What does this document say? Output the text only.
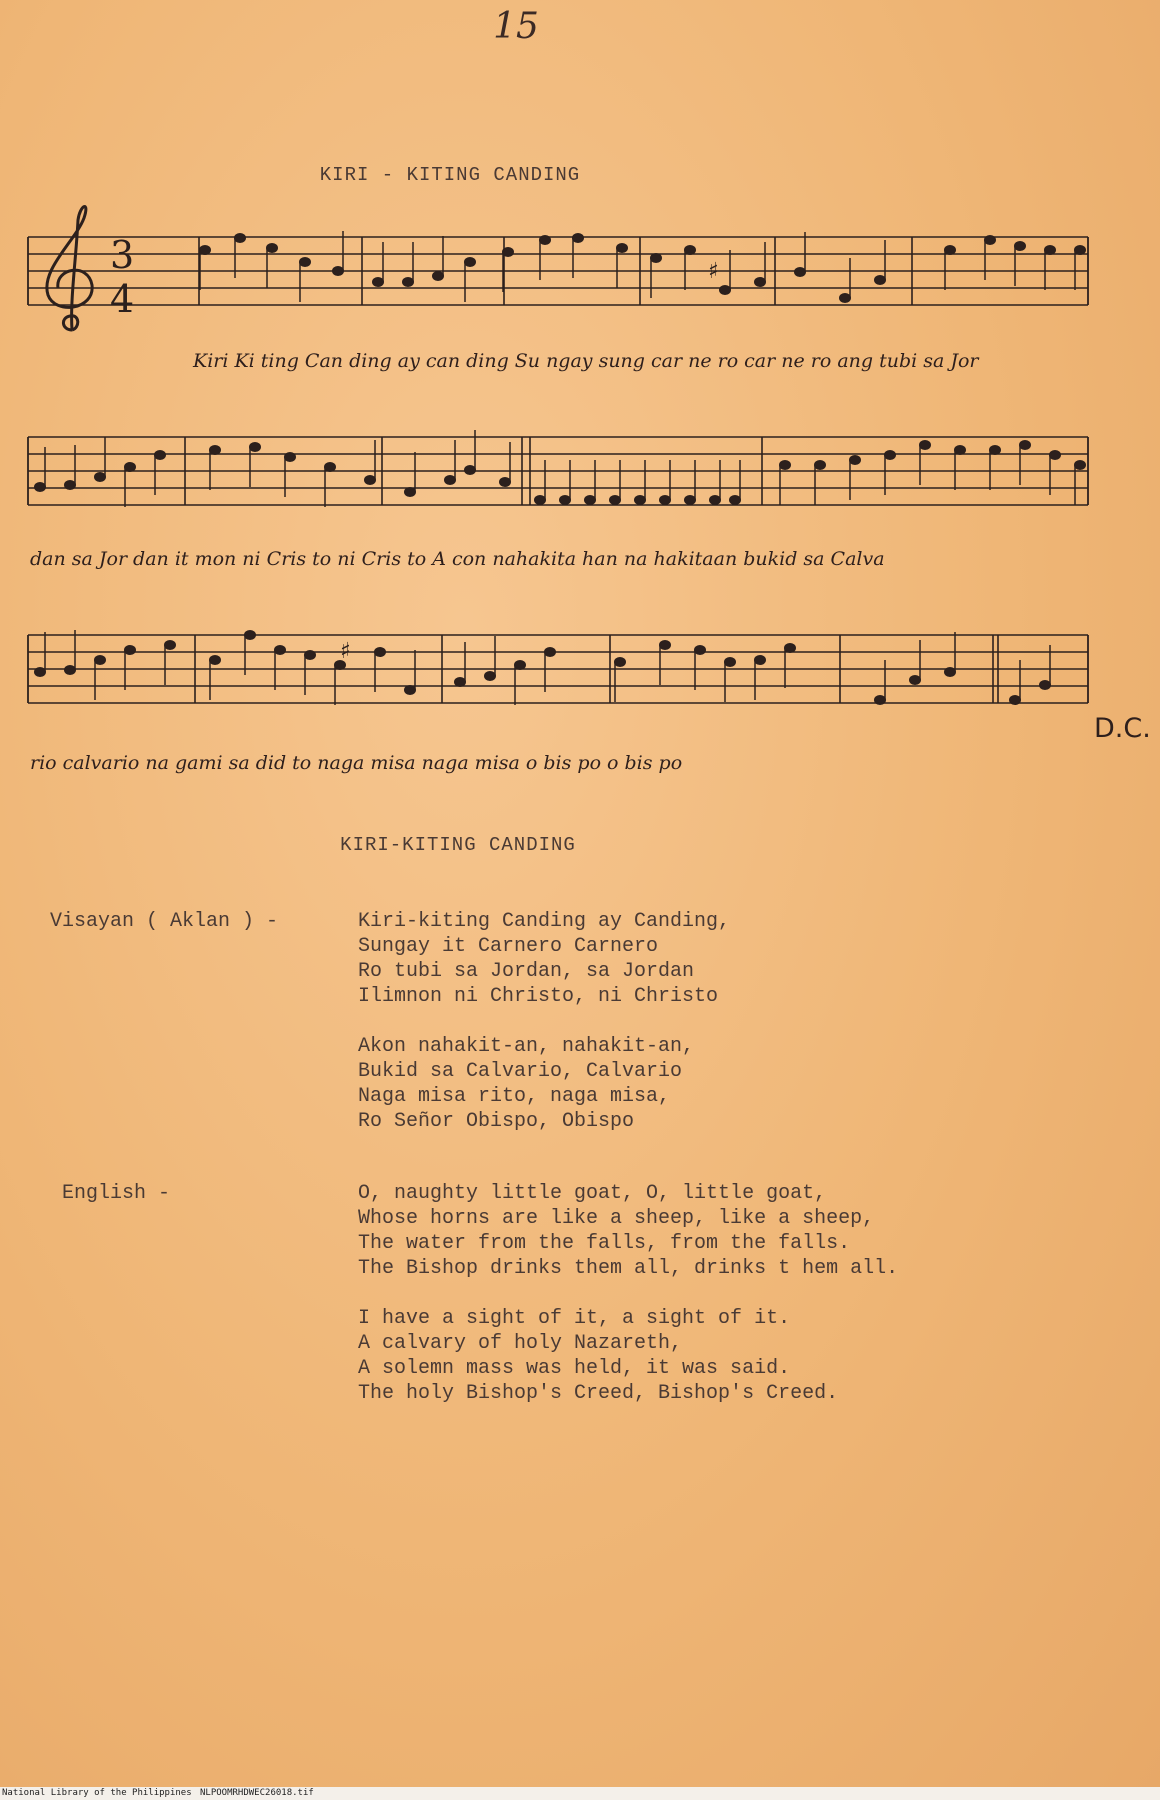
15
KIRI - KITING CANDING
3
4
♯
♯
Kiri Ki ting Can ding ay can ding Su ngay sung car ne ro car ne ro ang tubi sa Jor
dan sa Jor dan it mon ni Cris to ni Cris to A con nahakita han na hakitaan bukid sa Calva
rio calvario na gami sa did to naga misa naga misa o bis po o bis po
D.C.
KIRI-KITING CANDING
Visayan ( Aklan ) -	Kiri-kiting Canding ay Canding,
Sungay it Carnero Carnero
Ro tubi sa Jordan, sa Jordan
Ilimnon ni Christo, ni Christo
Akon nahakit-an, nahakit-an,
Bukid sa Calvario, Calvario
Naga misa rito, naga misa,
Ro Señor Obispo, Obispo
English -	O, naughty little goat, O, little goat,
Whose horns are like a sheep, like a sheep,
The water from the falls, from the falls.
The Bishop drinks them all, drinks t hem all.
I have a sight of it, a sight of it.
A calvary of holy Nazareth,
A solemn mass was held, it was said.
The holy Bishop's Creed, Bishop's Creed.
National Library of the Philippines NLPOOMRHDWEC26018.tif
